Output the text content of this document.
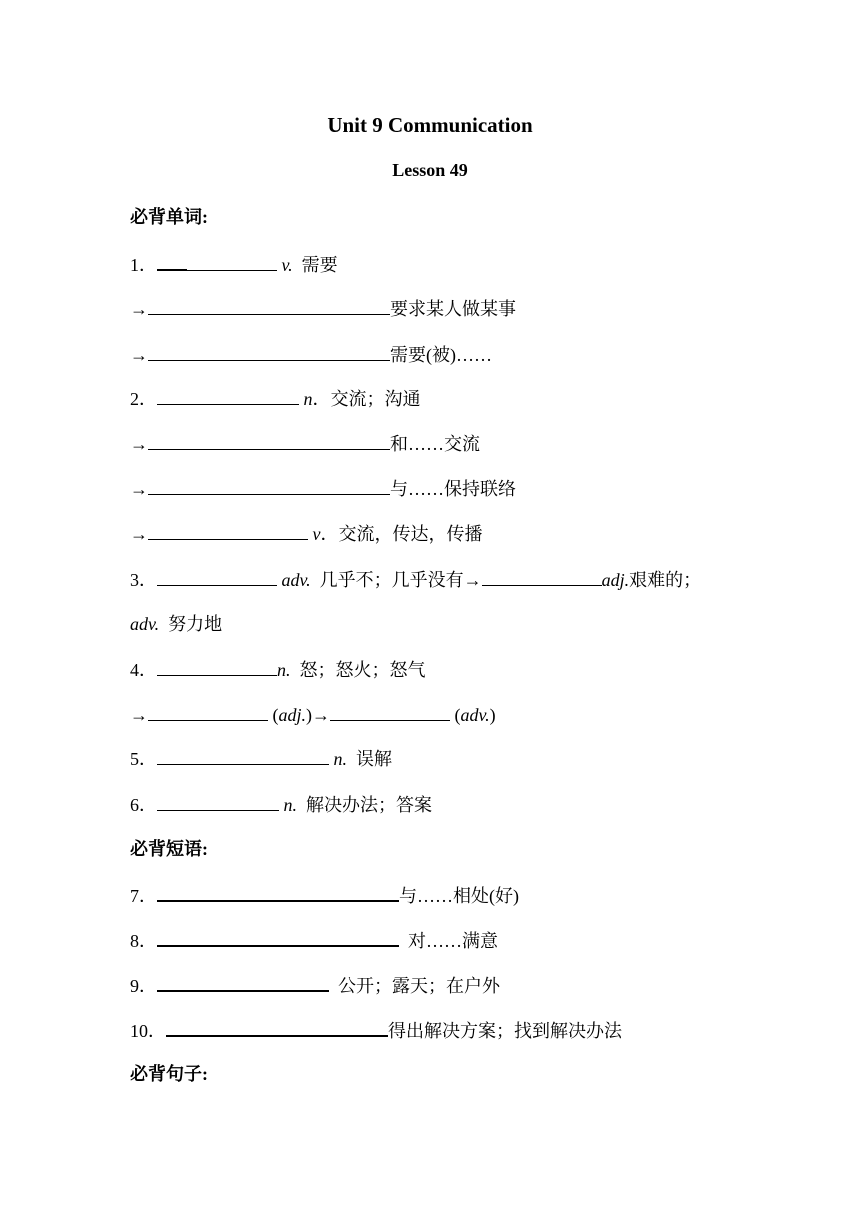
Unit 9 Communication
Lesson 49
必背单词:
1．	v. 需要
→	要求某人做某事
→	需要(被)……
2．	n．交流；沟通
→	和……交流
→	与……保持联络
→	v．交流，传达，传播
3．	adv. 几乎不；几乎没有→	adj.艰难的；
adv. 努力地
4．	n. 怒；怒火；怒气
→	(adj.)→	(adv.)
5．	n. 误解
6．	n. 解决办法；答案
必背短语:
7．	与……相处(好)
8．	对……满意
9．	公开；露天；在户外
10．	得出解决方案；找到解决办法
必背句子:
